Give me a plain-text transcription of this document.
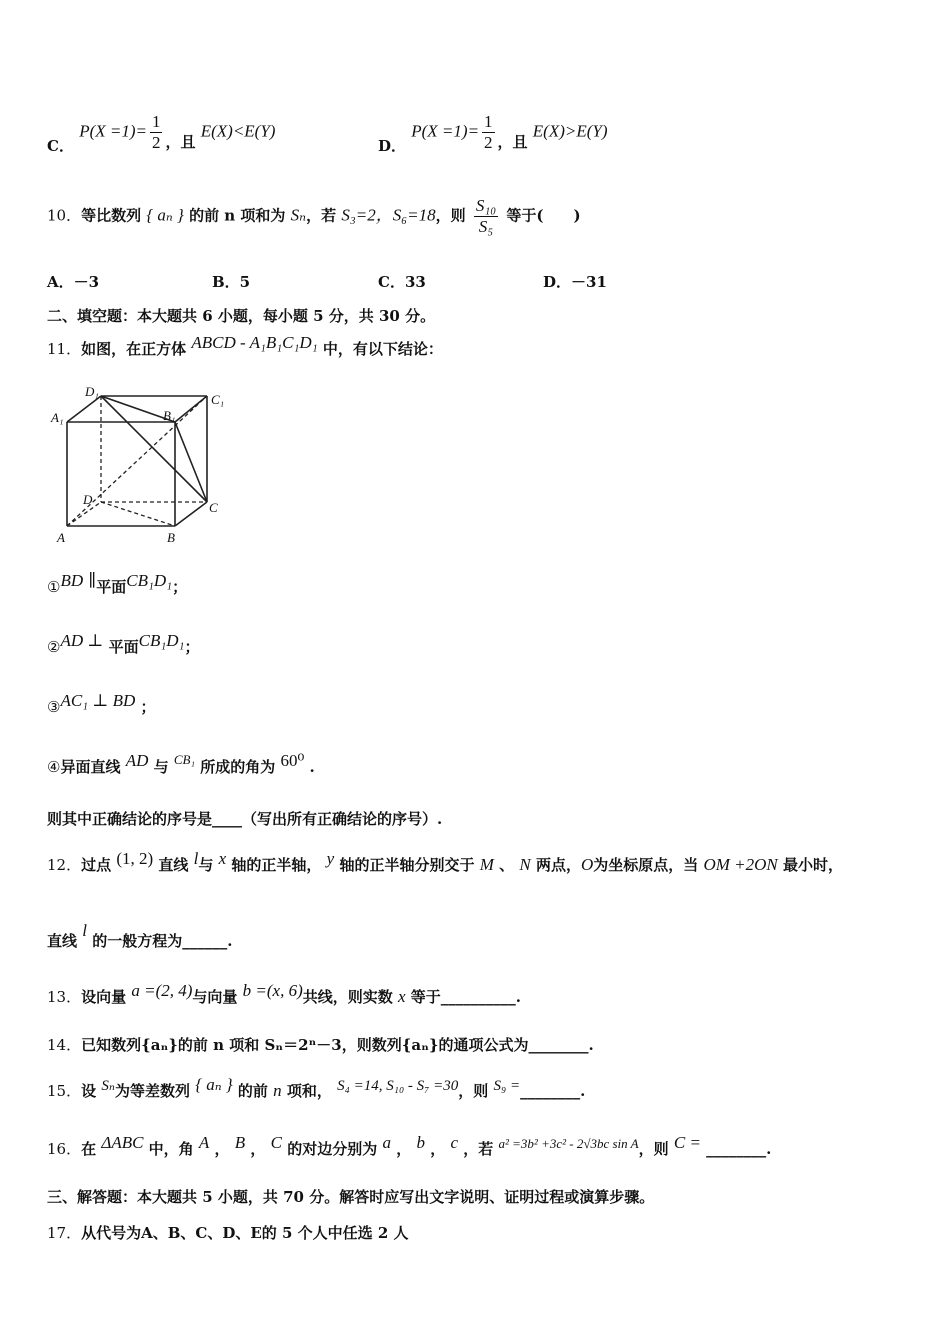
C． $P(X =1)= \frac{1}{2}$ ，且 E(X)<E(Y)
D． $P(X =1)= \frac{1}{2}$ ，且 E(X)>E(Y)
10．等比数列 { aₙ } 的前 n 项和为 Sₙ，若 S₃=2，S₆=18，则 $\frac{\text{S₁₀}}{\text{S₅}}$ 等于(　　)
A．－3	B．5	C．33	D．－31
二、填空题：本大题共 6 小题，每小题 5 分，共 30 分。
11．如图，在正方体 ABCD - A₁B₁C₁D₁ 中，有以下结论：
D₁
C₁
A₁	B₁
D
C
A	B
①BD ∥平面CB₁D₁；
②AD ⊥ 平面CB₁D₁；
③AC₁ ⊥ BD ；
④异面直线 AD 与 CB₁ 所成的角为 60⁰ .
则其中正确结论的序号是____（写出所有正确结论的序号）.
12．过点 (1, 2) 直线 l与 x 轴的正半轴， y 轴的正半轴分别交于 M 、 N 两点，O为坐标原点，当 OM +2ON 最小时，
直线 l 的一般方程为______.
13．设向量 a =(2, 4)与向量 b =(x, 6)共线，则实数 x 等于__________.
14．已知数列{aₙ}的前 n 项和 Sₙ＝2ⁿ－3，则数列{aₙ}的通项公式为________.
15．设 Sₙ为等差数列 { aₙ } 的前 n 项和， S₄ =14, S₁₀ - S₇ =30，则 S₉ =________.
16．在 ΔABC 中，角 A ， B ， C 的对边分别为 a ， b ， c ，若 a² =3b² +3c² - 2√3bc sin A，则 C = ________.
三、解答题：本大题共 5 小题，共 70 分。解答时应写出文字说明、证明过程或演算步骤。
17．从代号为A、B、C、D、E的 5 个人中任选 2 人
